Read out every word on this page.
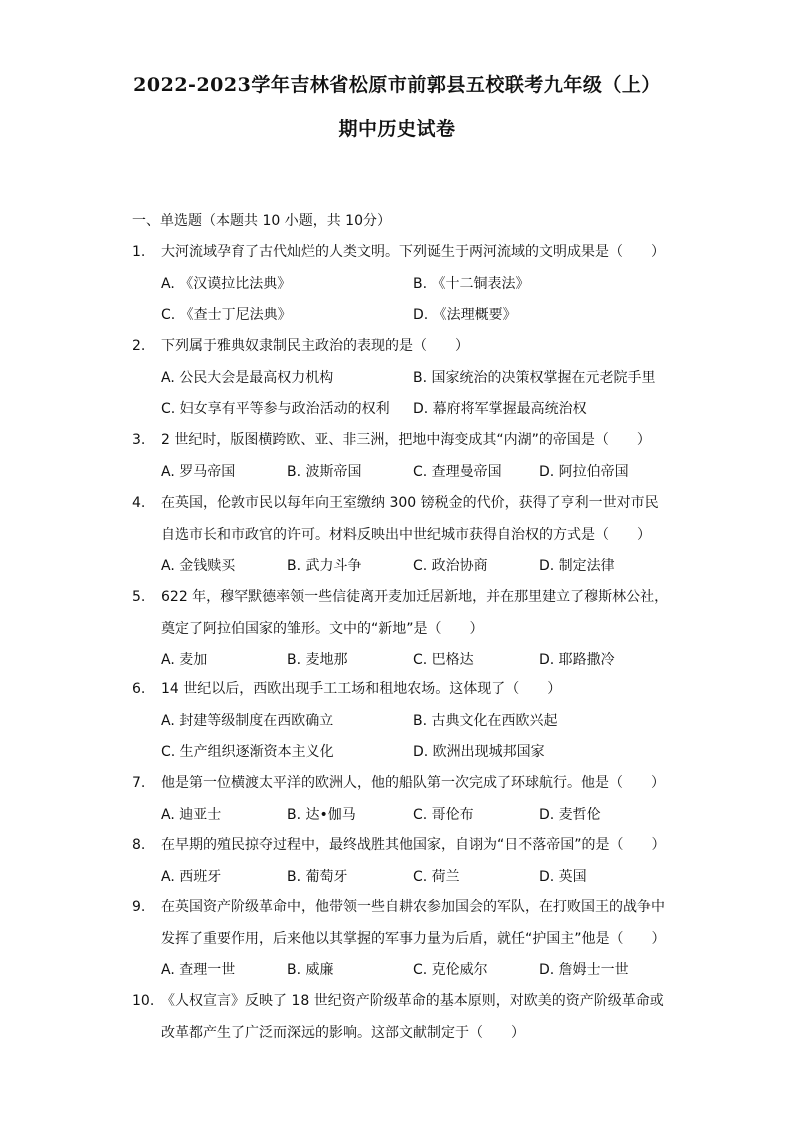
2022-2023学年吉林省松原市前郭县五校联考九年级（上）
期中历史试卷
一、单选题（本题共 10 小题，共 10分）
1. 大河流域孕育了古代灿烂的人类文明。下列诞生于两河流域的文明成果是（　　）
A. 《汉谟拉比法典》	B. 《十二铜表法》
C. 《查士丁尼法典》	D. 《法理概要》
2. 下列属于雅典奴隶制民主政治的表现的是（　　）
A. 公民大会是最高权力机构	B. 国家统治的决策权掌握在元老院手里
C. 妇女享有平等参与政治活动的权利 D. 幕府将军掌握最高统治权
3. 2 世纪时，版图横跨欧、亚、非三洲，把地中海变成其“内湖”的帝国是（　　）
A. 罗马帝国	B. 波斯帝国	C. 查理曼帝国	D. 阿拉伯帝国
4. 在英国，伦敦市民以每年向王室缴纳 300 镑税金的代价，获得了亨利一世对市民自选市长和市政官的许可。材料反映出中世纪城市获得自治权的方式是（　　）
A. 金钱赎买	B. 武力斗争	C. 政治协商	D. 制定法律
5. 622 年，穆罕默德率领一些信徒离开麦加迁居新地，并在那里建立了穆斯林公社，奠定了阿拉伯国家的雏形。文中的“新地”是（　　）
A. 麦加	B. 麦地那	C. 巴格达	D. 耶路撒冷
6. 14 世纪以后，西欧出现手工工场和租地农场。这体现了（　　）
A. 封建等级制度在西欧确立	B. 古典文化在西欧兴起
C. 生产组织逐渐资本主义化	D. 欧洲出现城邦国家
7. 他是第一位横渡太平洋的欧洲人，他的船队第一次完成了环球航行。他是（　　）
A. 迪亚士	B. 达•伽马	C. 哥伦布	D. 麦哲伦
8. 在早期的殖民掠夺过程中，最终战胜其他国家，自诩为“日不落帝国”的是（　　）
A. 西班牙	B. 葡萄牙	C. 荷兰	D. 英国
9. 在英国资产阶级革命中，他带领一些自耕农参加国会的军队，在打败国王的战争中发挥了重要作用，后来他以其掌握的军事力量为后盾，就任“护国主”他是（　　）
A. 查理一世	B. 威廉	C. 克伦威尔	D. 詹姆士一世
10. 《人权宣言》反映了 18 世纪资产阶级革命的基本原则，对欧美的资产阶级革命或改革都产生了广泛而深远的影响。这部文献制定于（　　）
